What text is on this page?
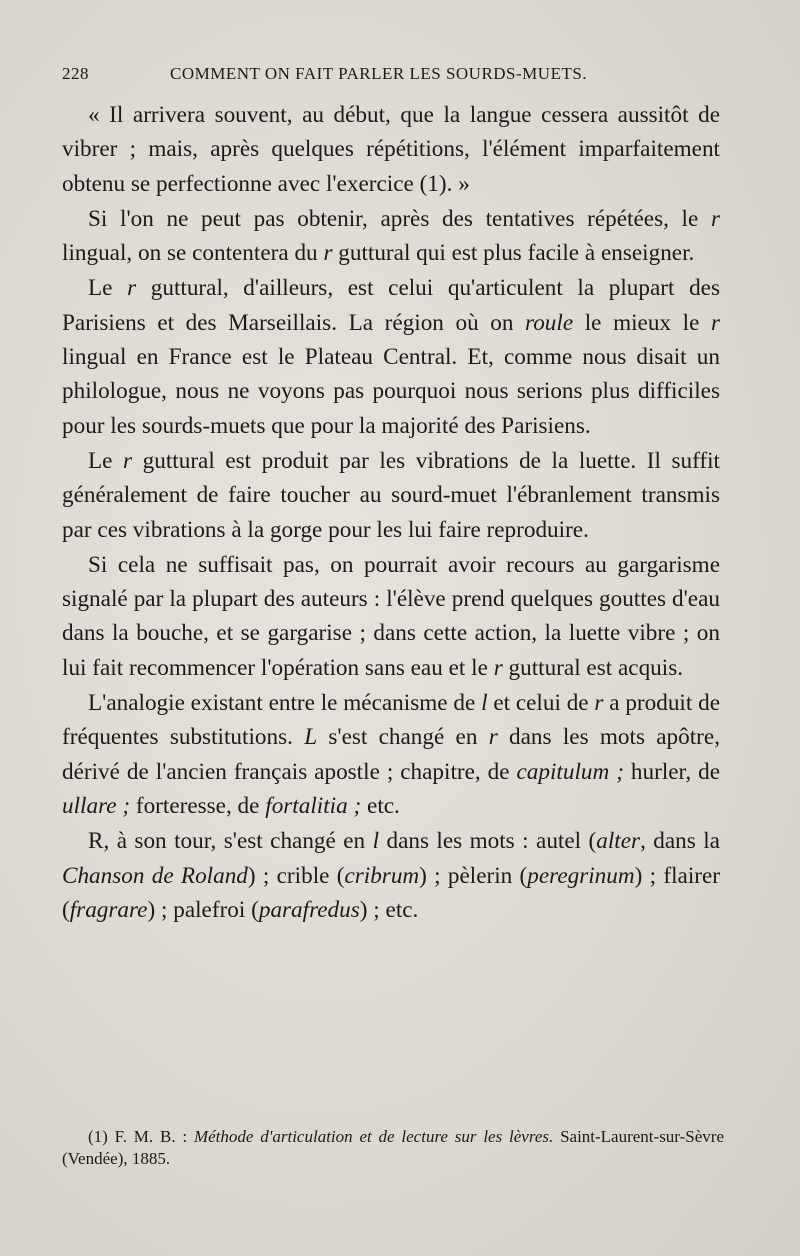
228	COMMENT ON FAIT PARLER LES SOURDS-MUETS.

« Il arrivera souvent, au début, que la langue cessera aussitôt de vibrer ; mais, après quelques répétitions, l'élément imparfaitement obtenu se perfectionne avec l'exercice (1). »

Si l'on ne peut pas obtenir, après des tentatives répétées, le r lingual, on se contentera du r guttural qui est plus facile à enseigner.

Le r guttural, d'ailleurs, est celui qu'articulent la plupart des Parisiens et des Marseillais. La région où on roule le mieux le r lingual en France est le Plateau Central. Et, comme nous disait un philologue, nous ne voyons pas pourquoi nous serions plus difficiles pour les sourds-muets que pour la majorité des Parisiens.

Le r guttural est produit par les vibrations de la luette. Il suffit généralement de faire toucher au sourd-muet l'ébranlement transmis par ces vibrations à la gorge pour les lui faire reproduire.

Si cela ne suffisait pas, on pourrait avoir recours au gargarisme signalé par la plupart des auteurs : l'élève prend quelques gouttes d'eau dans la bouche, et se gargarise ; dans cette action, la luette vibre ; on lui fait recommencer l'opération sans eau et le r guttural est acquis.

L'analogie existant entre le mécanisme de l et celui de r a produit de fréquentes substitutions. L s'est changé en r dans les mots apôtre, dérivé de l'ancien français apostle ; chapitre, de capitulum ; hurler, de ullare ; forteresse, de fortalitia ; etc.

R, à son tour, s'est changé en l dans les mots : autel (alter, dans la Chanson de Roland) ; crible (cribrum) ; pèlerin (peregrinum) ; flairer (fragrare) ; palefroi (parafredus) ; etc.

(1) F. M. B. : Méthode d'articulation et de lecture sur les lèvres. Saint-Laurent-sur-Sèvre (Vendée), 1885.
